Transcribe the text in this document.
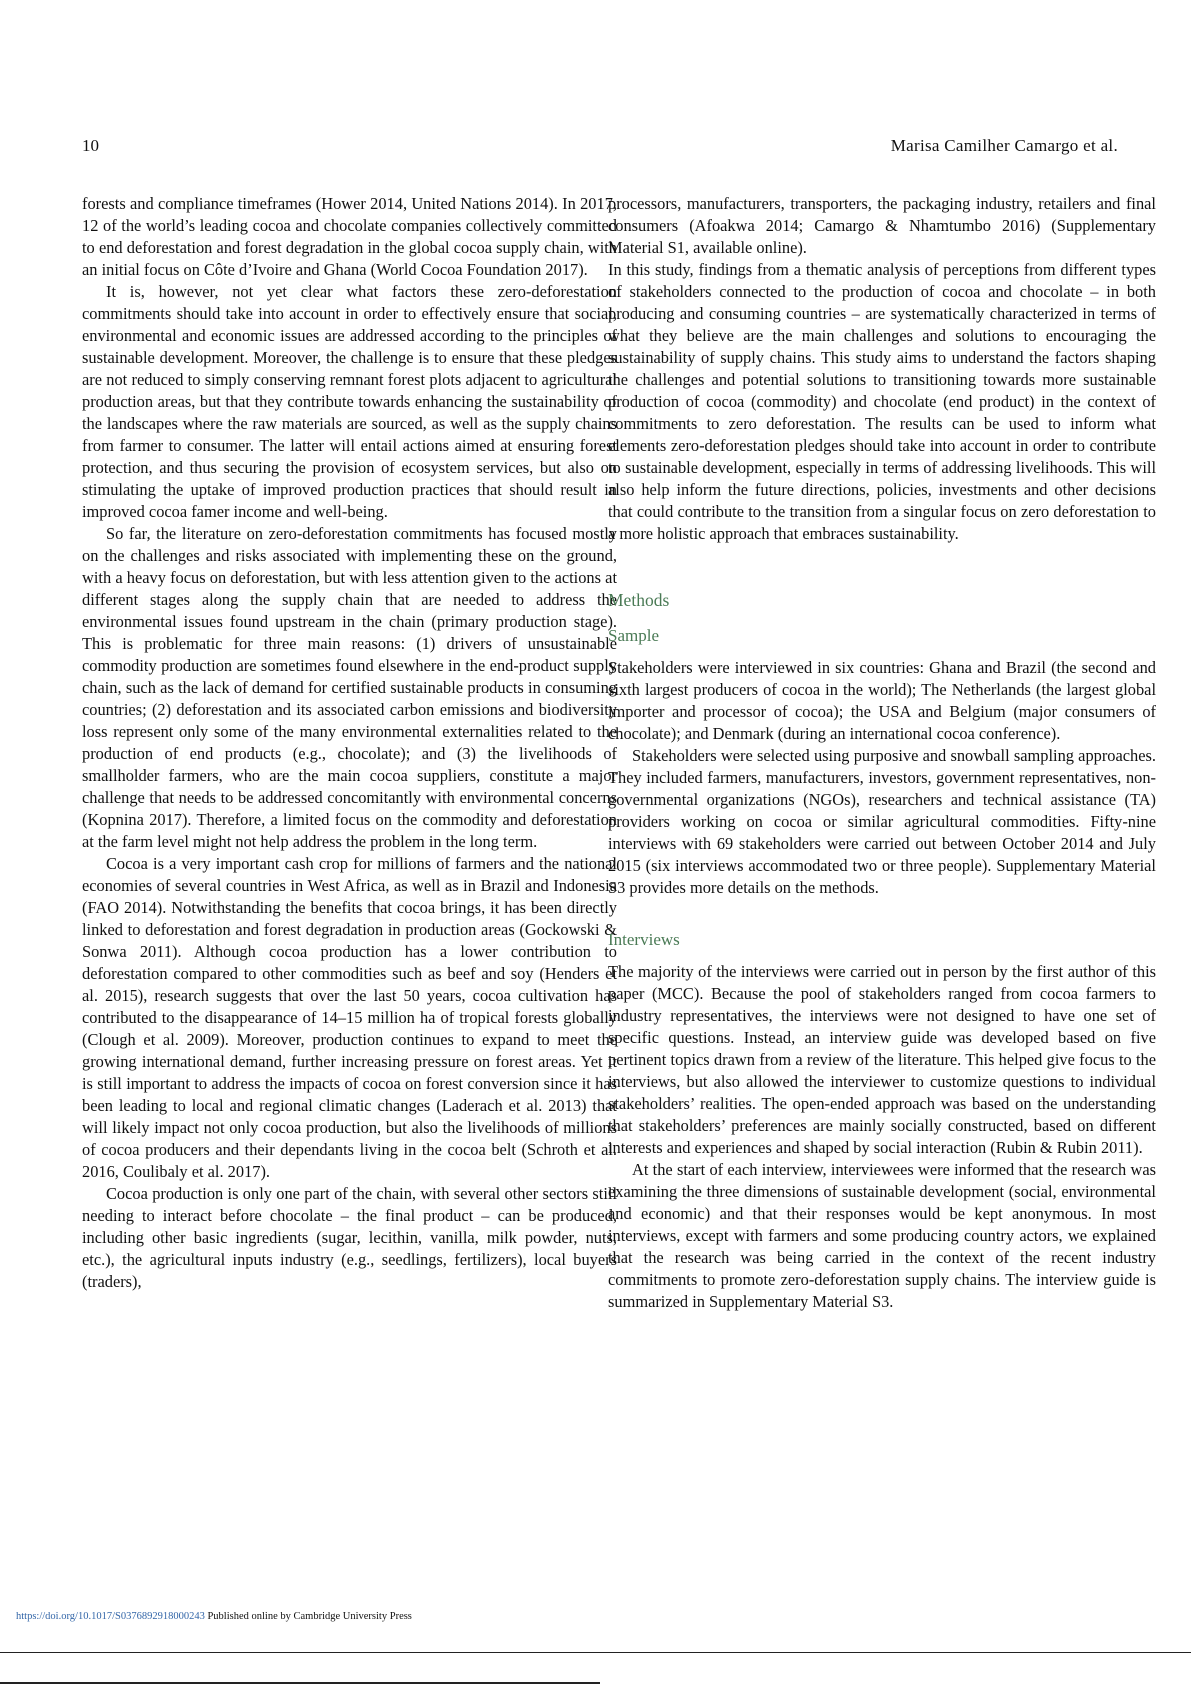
10	Marisa Camilher Camargo et al.

forests and compliance timeframes (Hower 2014, United Nations 2014). In 2017, 12 of the world’s leading cocoa and chocolate companies collectively committed to end deforestation and forest degradation in the global cocoa supply chain, with an initial focus on Côte d’Ivoire and Ghana (World Cocoa Foundation 2017).

It is, however, not yet clear what factors these zero-deforestation commitments should take into account in order to effectively ensure that social, environmental and economic issues are addressed according to the principles of sustainable development. Moreover, the challenge is to ensure that these pledges are not reduced to simply conserving remnant forest plots adjacent to agricultural production areas, but that they contribute towards enhancing the sustainability of the landscapes where the raw materials are sourced, as well as the supply chains from farmer to consumer. The latter will entail actions aimed at ensuring forest protection, and thus securing the provision of ecosystem services, but also on stimulating the uptake of improved production practices that should result in improved cocoa famer income and well-being.

So far, the literature on zero-deforestation commitments has focused mostly on the challenges and risks associated with implementing these on the ground, with a heavy focus on deforestation, but with less attention given to the actions at different stages along the supply chain that are needed to address the environmental issues found upstream in the chain (primary production stage). This is problematic for three main reasons: (1) drivers of unsustainable commodity production are sometimes found elsewhere in the end-product supply chain, such as the lack of demand for certified sustainable products in consuming countries; (2) deforestation and its associated carbon emissions and biodiversity loss represent only some of the many environmental externalities related to the production of end products (e.g., chocolate); and (3) the livelihoods of smallholder farmers, who are the main cocoa suppliers, constitute a major challenge that needs to be addressed concomitantly with environmental concerns (Kopnina 2017). Therefore, a limited focus on the commodity and deforestation at the farm level might not help address the problem in the long term.

Cocoa is a very important cash crop for millions of farmers and the national economies of several countries in West Africa, as well as in Brazil and Indonesia (FAO 2014). Notwithstanding the benefits that cocoa brings, it has been directly linked to deforestation and forest degradation in production areas (Gockowski & Sonwa 2011). Although cocoa production has a lower contribution to deforestation compared to other commodities such as beef and soy (Henders et al. 2015), research suggests that over the last 50 years, cocoa cultivation has contributed to the disappearance of 14–15 million ha of tropical forests globally (Clough et al. 2009). Moreover, production continues to expand to meet the growing international demand, further increasing pressure on forest areas. Yet it is still important to address the impacts of cocoa on forest conversion since it has been leading to local and regional climatic changes (Laderach et al. 2013) that will likely impact not only cocoa production, but also the livelihoods of millions of cocoa producers and their dependants living in the cocoa belt (Schroth et al. 2016, Coulibaly et al. 2017).

Cocoa production is only one part of the chain, with several other sectors still needing to interact before chocolate – the final product – can be produced, including other basic ingredients (sugar, lecithin, vanilla, milk powder, nuts, etc.), the agricultural inputs industry (e.g., seedlings, fertilizers), local buyers (traders),

processors, manufacturers, transporters, the packaging industry, retailers and final consumers (Afoakwa 2014; Camargo & Nhamtumbo 2016) (Supplementary Material S1, available online).

In this study, findings from a thematic analysis of perceptions from different types of stakeholders connected to the production of cocoa and chocolate – in both producing and consuming countries – are systematically characterized in terms of what they believe are the main challenges and solutions to encouraging the sustainability of supply chains. This study aims to understand the factors shaping the challenges and potential solutions to transitioning towards more sustainable production of cocoa (commodity) and chocolate (end product) in the context of commitments to zero deforestation. The results can be used to inform what elements zero-deforestation pledges should take into account in order to contribute to sustainable development, especially in terms of addressing livelihoods. This will also help inform the future directions, policies, investments and other decisions that could contribute to the transition from a singular focus on zero deforestation to a more holistic approach that embraces sustainability.

Methods
Sample

Stakeholders were interviewed in six countries: Ghana and Brazil (the second and sixth largest producers of cocoa in the world); The Netherlands (the largest global importer and processor of cocoa); the USA and Belgium (major consumers of chocolate); and Denmark (during an international cocoa conference).

Stakeholders were selected using purposive and snowball sampling approaches. They included farmers, manufacturers, investors, government representatives, non-governmental organizations (NGOs), researchers and technical assistance (TA) providers working on cocoa or similar agricultural commodities. Fifty-nine interviews with 69 stakeholders were carried out between October 2014 and July 2015 (six interviews accommodated two or three people). Supplementary Material S3 provides more details on the methods.

Interviews

The majority of the interviews were carried out in person by the first author of this paper (MCC). Because the pool of stakeholders ranged from cocoa farmers to industry representatives, the interviews were not designed to have one set of specific questions. Instead, an interview guide was developed based on five pertinent topics drawn from a review of the literature. This helped give focus to the interviews, but also allowed the interviewer to customize questions to individual stakeholders’ realities. The open-ended approach was based on the understanding that stakeholders’ preferences are mainly socially constructed, based on different interests and experiences and shaped by social interaction (Rubin & Rubin 2011).

At the start of each interview, interviewees were informed that the research was examining the three dimensions of sustainable development (social, environmental and economic) and that their responses would be kept anonymous. In most interviews, except with farmers and some producing country actors, we explained that the research was being carried in the context of the recent industry commitments to promote zero-deforestation supply chains. The interview guide is summarized in Supplementary Material S3.

https://doi.org/10.1017/S0376892918000243 Published online by Cambridge University Press
